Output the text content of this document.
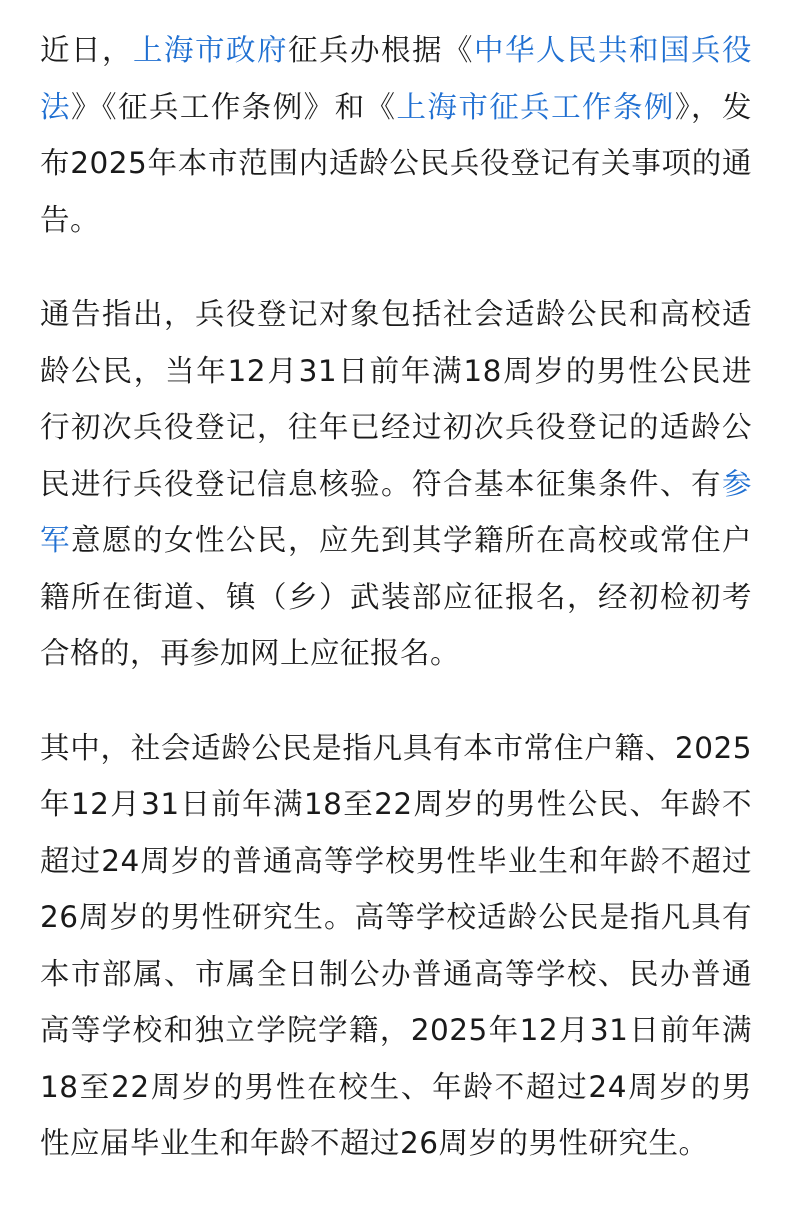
近日，上海市政府征兵办根据《中华人民共和国兵役法》《征兵工作条例》和《上海市征兵工作条例》，发布2025年本市范围内适龄公民兵役登记有关事项的通告。

通告指出，兵役登记对象包括社会适龄公民和高校适龄公民，当年12月31日前年满18周岁的男性公民进行初次兵役登记，往年已经过初次兵役登记的适龄公民进行兵役登记信息核验。符合基本征集条件、有参军意愿的女性公民，应先到其学籍所在高校或常住户籍所在街道、镇（乡）武装部应征报名，经初检初考合格的，再参加网上应征报名。

其中，社会适龄公民是指凡具有本市常住户籍、2025年12月31日前年满18至22周岁的男性公民、年龄不超过24周岁的普通高等学校男性毕业生和年龄不超过26周岁的男性研究生。高等学校适龄公民是指凡具有本市部属、市属全日制公办普通高等学校、民办普通高等学校和独立学院学籍，2025年12月31日前年满18至22周岁的男性在校生、年龄不超过24周岁的男性应届毕业生和年龄不超过26周岁的男性研究生。
